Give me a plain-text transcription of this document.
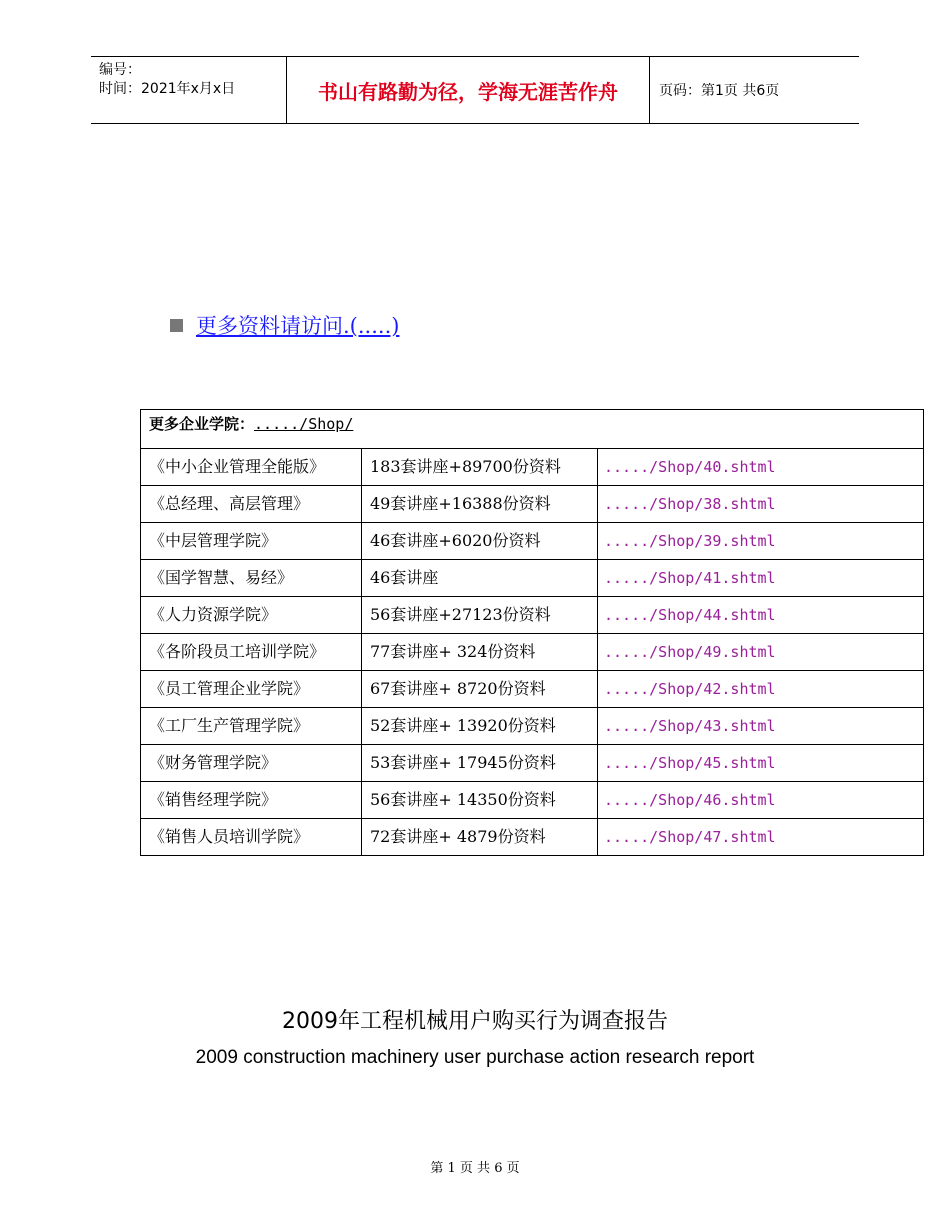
编号：
时间：2021年x月x日	书山有路勤为径，学海无涯苦作舟	页码：第1页 共6页
更多资料请访问.(.....)
更多企业学院：...../Shop/		
《中小企业管理全能版》	183套讲座+89700份资料	...../Shop/40.shtml
《总经理、高层管理》	49套讲座+16388份资料	...../Shop/38.shtml
《中层管理学院》	46套讲座+6020份资料	...../Shop/39.shtml
《国学智慧、易经》	46套讲座	...../Shop/41.shtml
《人力资源学院》	56套讲座+27123份资料	...../Shop/44.shtml
《各阶段员工培训学院》	77套讲座+ 324份资料	...../Shop/49.shtml
《员工管理企业学院》	67套讲座+ 8720份资料	...../Shop/42.shtml
《工厂生产管理学院》	52套讲座+ 13920份资料	...../Shop/43.shtml
《财务管理学院》	53套讲座+ 17945份资料	...../Shop/45.shtml
《销售经理学院》	56套讲座+ 14350份资料	...../Shop/46.shtml
《销售人员培训学院》	72套讲座+ 4879份资料	...../Shop/47.shtml
2009年工程机械用户购买行为调查报告
2009 construction machinery user purchase action research report
第 1 页 共 6 页
